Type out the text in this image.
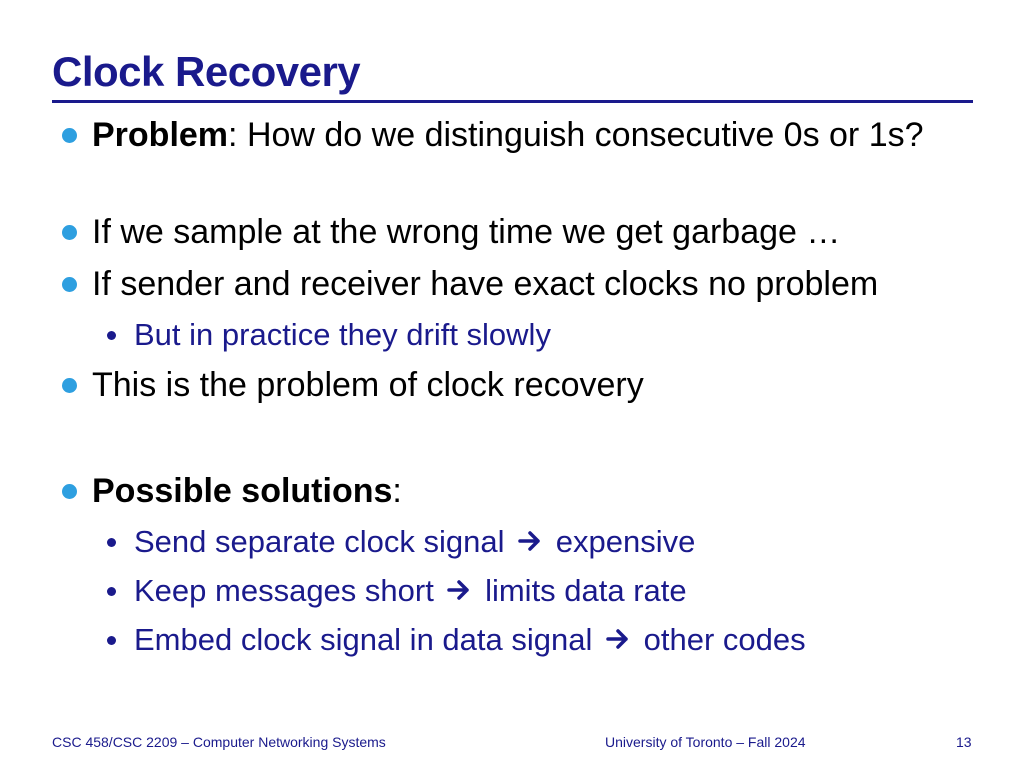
Clock Recovery
Problem: How do we distinguish consecutive 0s or 1s?
If we sample at the wrong time we get garbage …
If sender and receiver have exact clocks no problem
But in practice they drift slowly
This is the problem of clock recovery
Possible solutions:
Send separate clock signal expensive
Keep messages short limits data rate
Embed clock signal in data signal other codes
CSC 458/CSC 2209 – Computer Networking Systems	University of Toronto – Fall 2024	13
